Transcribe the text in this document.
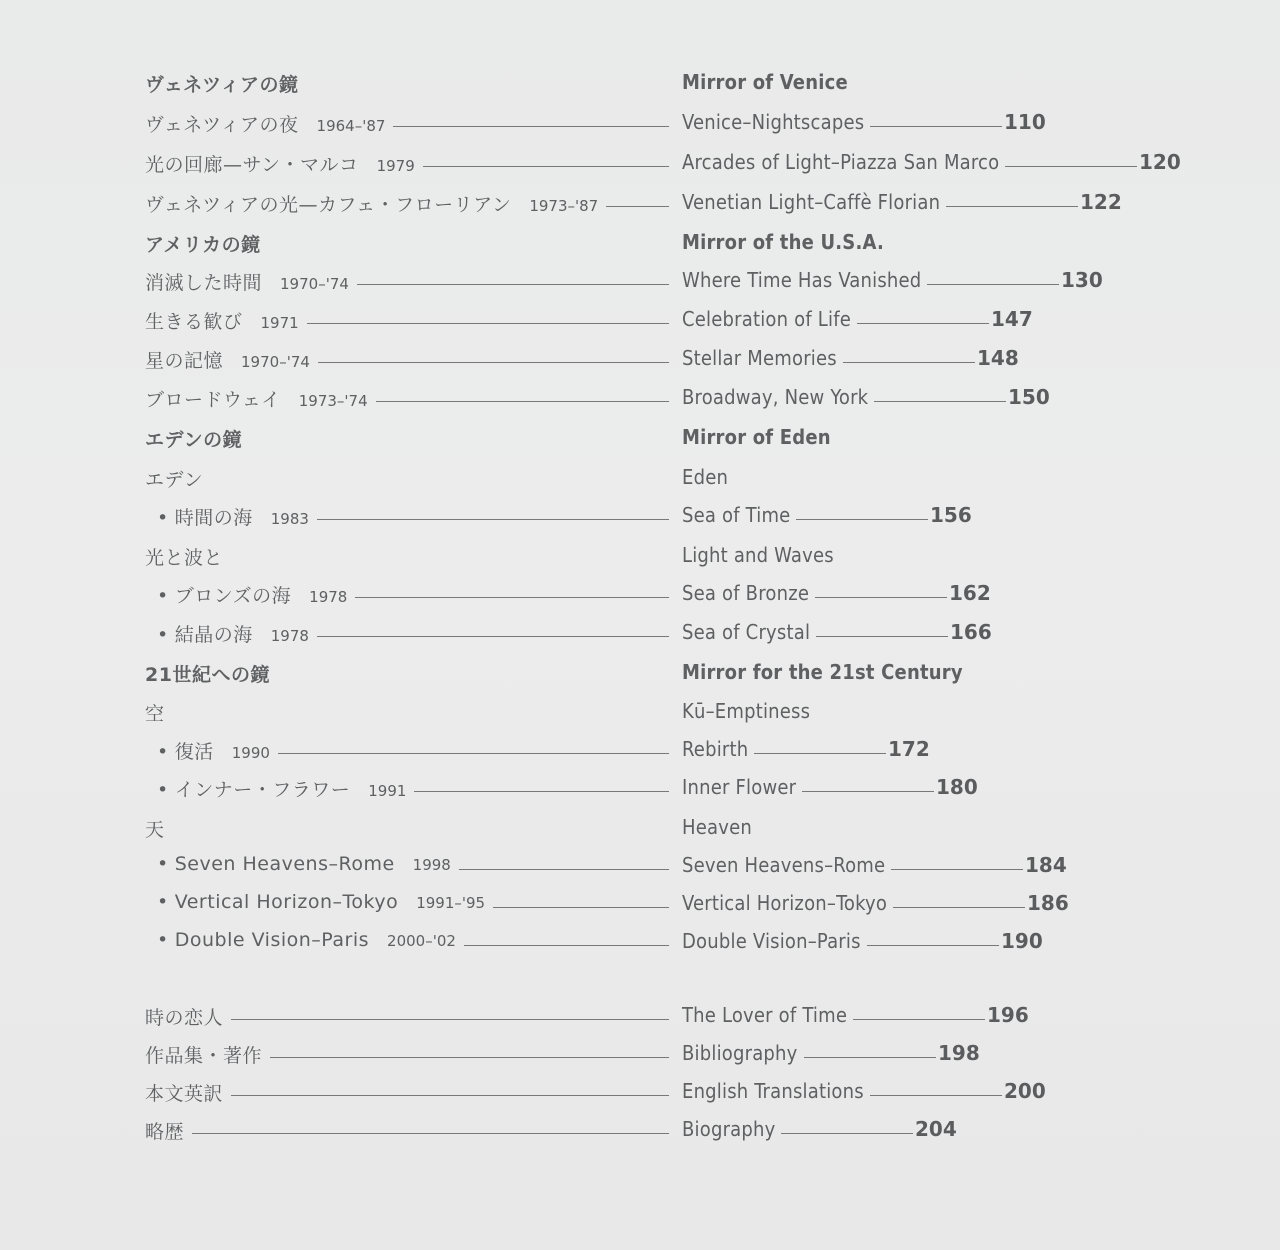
ヴェネツィアの鏡	Mirror of Venice
ヴェネツィアの夜 1964–'87	Venice–Nightscapes	110
光の回廊—サン・マルコ 1979	Arcades of Light–Piazza San Marco	120
ヴェネツィアの光—カフェ・フローリアン 1973–'87	Venetian Light–Caffè Florian	122
アメリカの鏡	Mirror of the U.S.A.
消滅した時間 1970–'74	Where Time Has Vanished	130
生きる歓び 1971	Celebration of Life	147
星の記憶 1970–'74	Stellar Memories	148
ブロードウェイ 1973–'74	Broadway, New York	150
エデンの鏡	Mirror of Eden
エデン	Eden
• 時間の海 1983	Sea of Time	156
光と波と	Light and Waves
• ブロンズの海 1978	Sea of Bronze	162
• 結晶の海 1978	Sea of Crystal	166
21世紀への鏡	Mirror for the 21st Century
空	Kū–Emptiness
• 復活 1990	Rebirth	172
• インナー・フラワー 1991	Inner Flower	180
天	Heaven
• Seven Heavens–Rome 1998	Seven Heavens–Rome	184
• Vertical Horizon–Tokyo 1991–'95	Vertical Horizon–Tokyo	186
• Double Vision–Paris 2000–'02	Double Vision–Paris	190
時の恋人	The Lover of Time	196
作品集・著作	Bibliography	198
本文英訳	English Translations	200
略歴	Biography	204
